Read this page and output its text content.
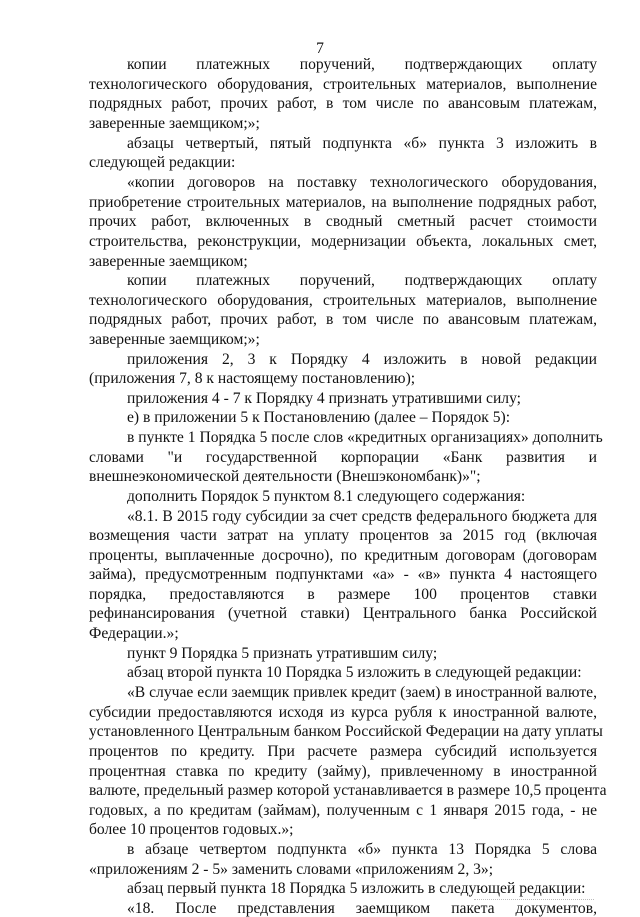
7
копии платежных поручений, подтверждающих оплату
технологического оборудования, строительных материалов, выполнение
подрядных работ, прочих работ, в том числе по авансовым платежам,
заверенные заемщиком;»;
абзацы четвертый, пятый подпункта «б» пункта 3 изложить в
следующей редакции:
«копии договоров на поставку технологического оборудования,
приобретение строительных материалов, на выполнение подрядных работ,
прочих работ, включенных в сводный сметный расчет стоимости
строительства, реконструкции, модернизации объекта, локальных смет,
заверенные заемщиком;
копии платежных поручений, подтверждающих оплату
технологического оборудования, строительных материалов, выполнение
подрядных работ, прочих работ, в том числе по авансовым платежам,
заверенные заемщиком;»;
приложения 2, 3 к Порядку 4 изложить в новой редакции
(приложения 7, 8 к настоящему постановлению);
приложения 4 - 7 к Порядку 4 признать утратившими силу;
е) в приложении 5 к Постановлению (далее – Порядок 5):
в пункте 1 Порядка 5 после слов «кредитных организациях» дополнить
словами "и государственной корпорации «Банк развития и
внешнеэкономической деятельности (Внешэкономбанк)»";
дополнить Порядок 5 пунктом 8.1 следующего содержания:
«8.1. В 2015 году субсидии за счет средств федерального бюджета для
возмещения части затрат на уплату процентов за 2015 год (включая
проценты, выплаченные досрочно), по кредитным договорам (договорам
займа), предусмотренным подпунктами «а» - «в» пункта 4 настоящего
порядка, предоставляются в размере 100 процентов ставки
рефинансирования (учетной ставки) Центрального банка Российской
Федерации.»;
пункт 9 Порядка 5 признать утратившим силу;
абзац второй пункта 10 Порядка 5 изложить в следующей редакции:
«В случае если заемщик привлек кредит (заем) в иностранной валюте,
субсидии предоставляются исходя из курса рубля к иностранной валюте,
установленного Центральным банком Российской Федерации на дату уплаты
процентов по кредиту. При расчете размера субсидий используется
процентная ставка по кредиту (займу), привлеченному в иностранной
валюте, предельный размер которой устанавливается в размере 10,5 процента
годовых, а по кредитам (займам), полученным с 1 января 2015 года, - не
более 10 процентов годовых.»;
в абзаце четвертом подпункта «б» пункта 13 Порядка 5 слова
«приложениям 2 - 5» заменить словами «приложениям 2, 3»;
абзац первый пункта 18 Порядка 5 изложить в следующей редакции:
«18. После представления заемщиком пакета документов,
